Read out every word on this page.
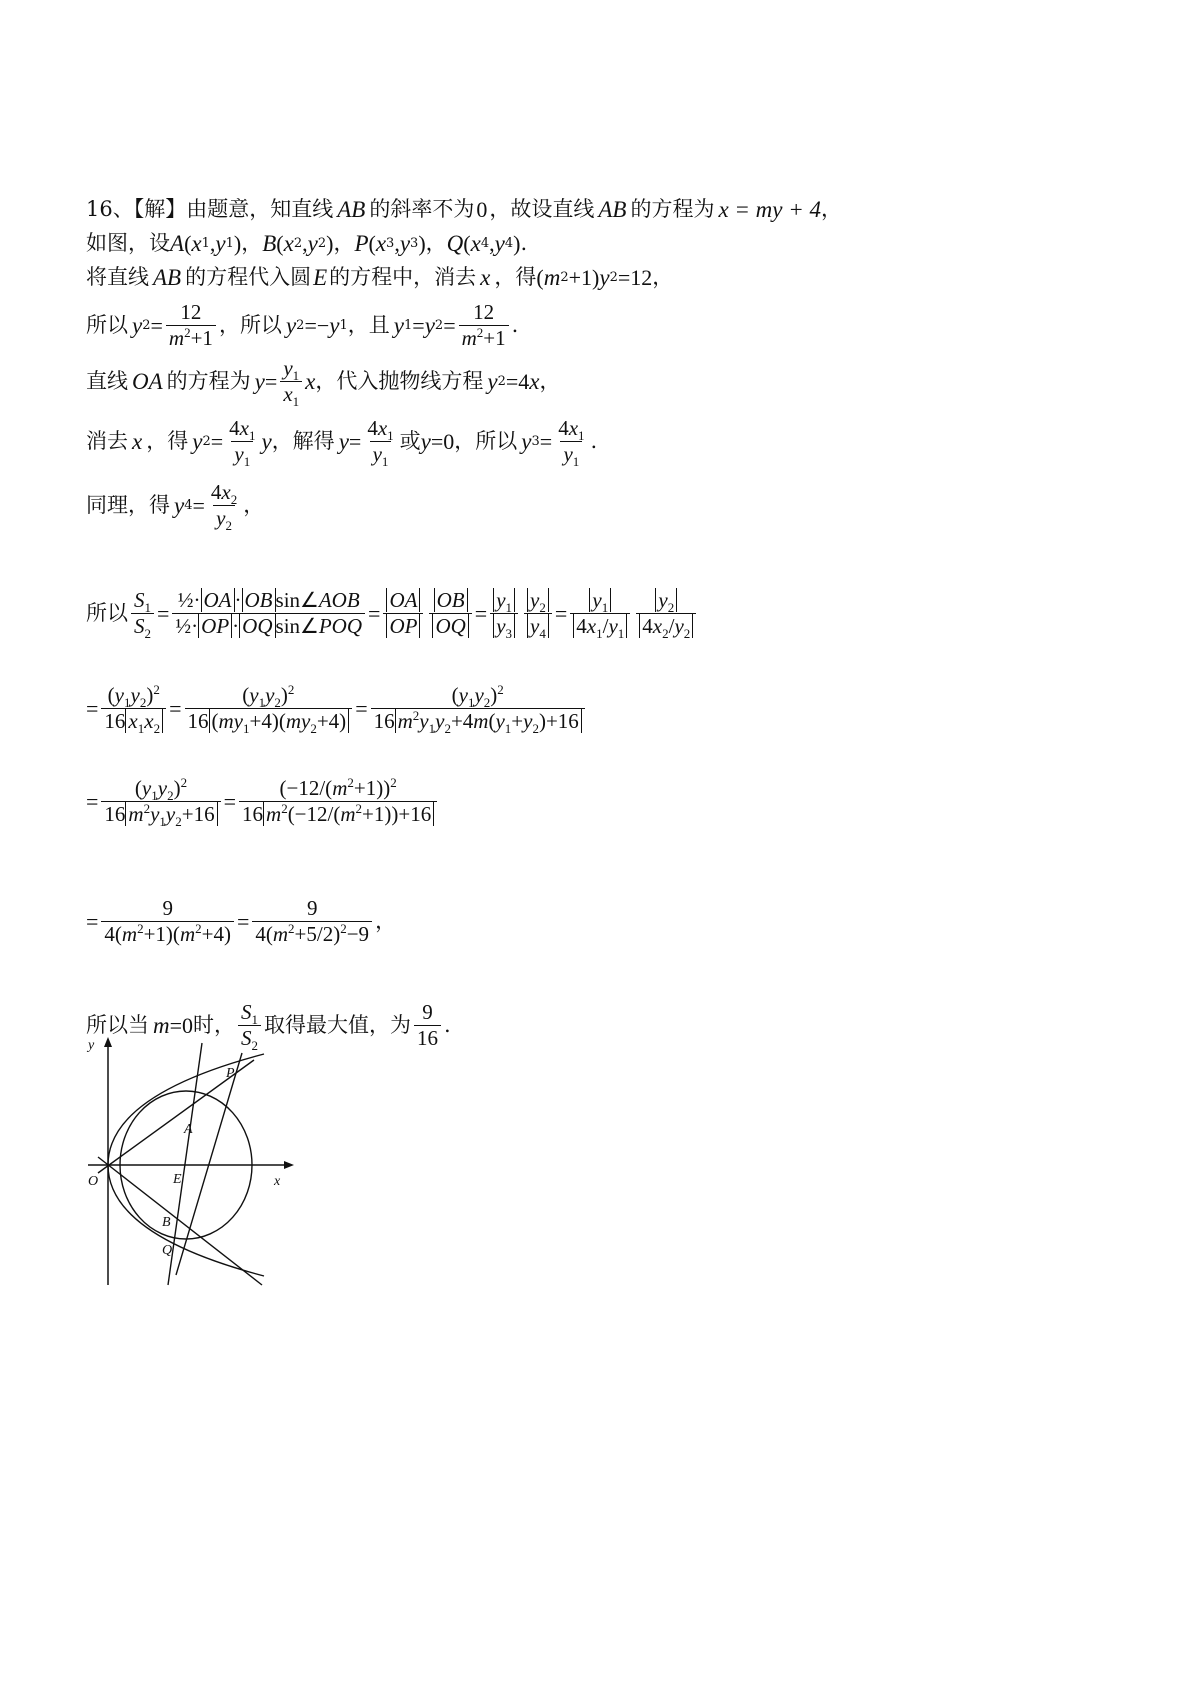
16、【解】 由题意，知直线 AB 的斜率不为 0 ，故设直线 AB 的方程为 x = my + 4 ，
如图，设 A ( x 1 , y 1 ) ， B ( x 2 , y 2 ) ， P ( x 3 , y 3 ) ， Q ( x 4 , y 4 ) .
将直线 AB 的方程代入圆 E 的方程中，消去 x ，得 ( m 2 +1 ) y 2 =12 ，
所以 y $2 = \frac{12}{m^2+1}$ ， 所以 y 2 =− y 1 ，且 y 1 = y $2 = \frac{12}{m^2+1}$ .
直线 OA 的方程为 $y = \frac{y_1}{x_1}$ x ，代入抛物线方程 y 2 =4 x ，
消去 x ，得 y $2 = \frac{4x_1}{y_1}$ y ，解得 $y = \frac{4x_1}{y_1}$ 或 y =0 ， 所以 y $3 = \frac{4x_1}{y_1}$ .
同理，得 y $4 = \frac{4x_2}{y_2}$ ，
所以 $\frac{S_1}{S_2} = \frac{\text{½· OA · OB sin∠AOB}}{\text{½· OP · OQ sin∠POQ}} = \frac{OA}{OP} \frac{OB}{OQ} = \frac{y_1}{y_3} \frac{y_2}{y_4} = \frac{y_1}{4x_1/y_1} \frac{y_2}{4x_2/y_2}$
= $\frac{(y_1y_2)^2}{16 x_1x_2} = \frac{(y_1y_2)^2}{16 (my_1+4)(my_2+4)} = \frac{(y_1y_2)^2}{16 m^2y_1y_2+4m(y_1+y_2)+16}$
= $\frac{(y_1y_2)^2}{16 m^2y_1y_2+16} = \frac{(-12/(m^2+1))^2}{16 m^2(-12/(m^2+1))+16}$
= $\frac{9}{4(m^2+1)(m^2+4)} = \frac{9}{4(m^2+5/2)^2-9}$ ，
所以当 m =0 时， $\frac{S_1}{S_2}$ 取得最大值，为 $\frac{9}{16}$ .
y
x
O
A
E
B
P
Q
